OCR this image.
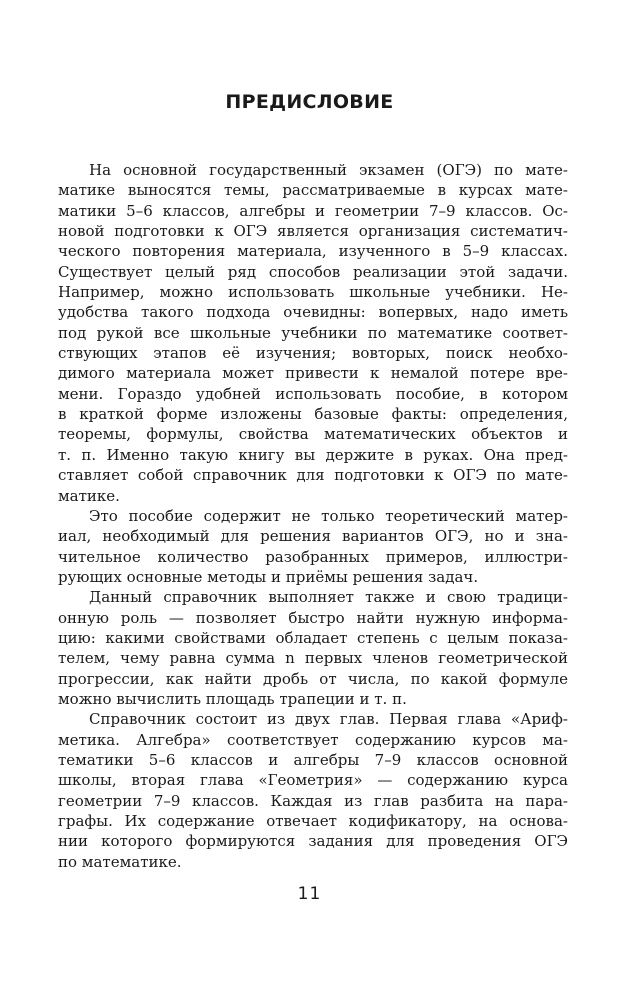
ПРЕДИСЛОВИЕ
На основной государственный экзамен (ОГЭ) по мате-
матике выносятся темы, рассматриваемые в курсах мате-
матики 5–6 классов, алгебры и геометрии 7–9 классов. Ос-
новой подготовки к ОГЭ является организация систематич-
ческого повторения материала, изученного в 5–9 классах.
Существует целый ряд способов реализации этой задачи.
Например, можно использовать школьные учебники. Не-
удобства такого подхода очевидны: вопервых, надо иметь
под рукой все школьные учебники по математике соответ-
ствующих этапов её изучения; вовторых, поиск необхо-
димого материала может привести к немалой потере вре-
мени. Гораздо удобней использовать пособие, в котором
в краткой форме изложены базовые факты: определения,
теоремы, формулы, свойства математических объектов и
т. п. Именно такую книгу вы держите в руках. Она пред-
ставляет собой справочник для подготовки к ОГЭ по мате-
матике.
Это пособие содержит не только теоретический матер-
иал, необходимый для решения вариантов ОГЭ, но и зна-
чительное количество разобранных примеров, иллюстри-
рующих основные методы и приёмы решения задач.
Данный справочник выполняет также и свою традици-
онную роль — позволяет быстро найти нужную информа-
цию: какими свойствами обладает степень с целым показа-
телем, чему равна сумма n первых членов геометрической
прогрессии, как найти дробь от числа, по какой формуле
можно вычислить площадь трапеции и т. п.
Справочник состоит из двух глав. Первая глава «Ариф-
метика. Алгебра» соответствует содержанию курсов ма-
тематики 5–6 классов и алгебры 7–9 классов основной
школы, вторая глава «Геометрия» — содержанию курса
геометрии 7–9 классов. Каждая из глав разбита на пара-
графы. Их содержание отвечает кодификатору, на основа-
нии которого формируются задания для проведения ОГЭ
по математике.
11
